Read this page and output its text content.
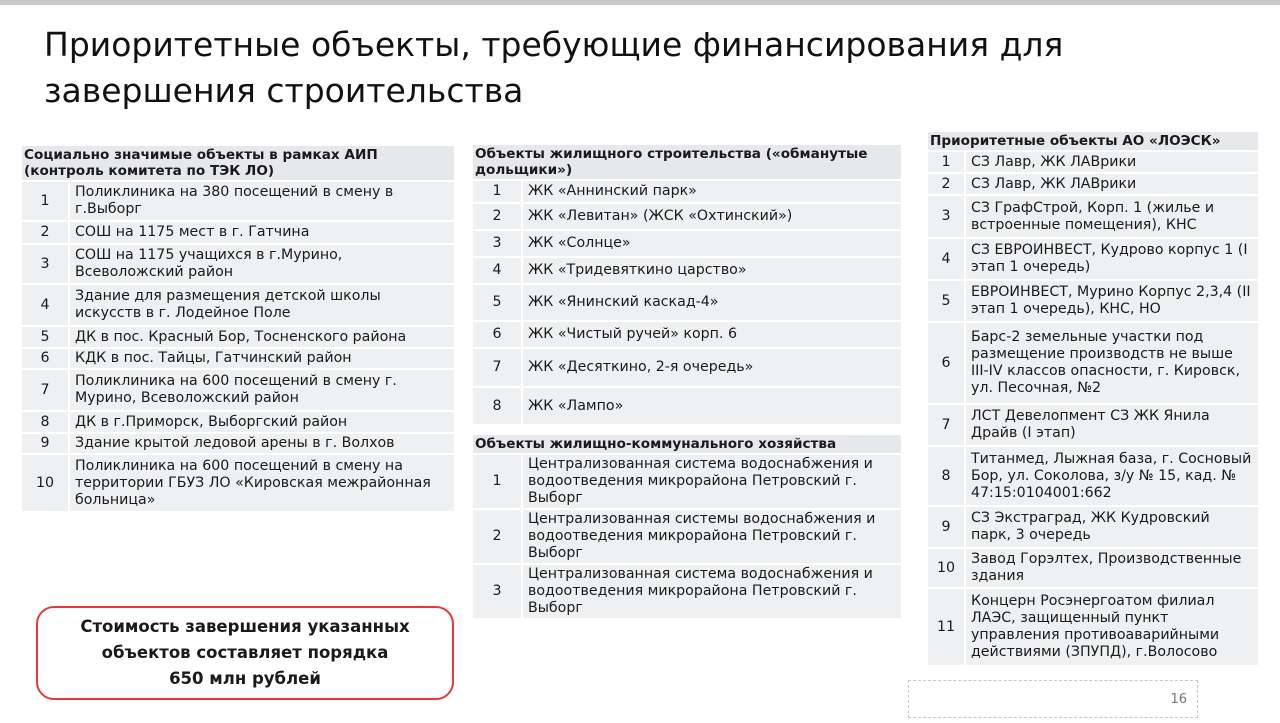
Приоритетные объекты, требующие финансирования для завершения строительства
Социально значимые объекты в рамках АИП (контроль комитета по ТЭК ЛО)	
1	Поликлиника на 380 посещений в смену в г.Выборг
2	СОШ на 1175 мест в г. Гатчина
3	СОШ на 1175 учащихся в г.Мурино, Всеволожский район
4	Здание для размещения детской школы искусств в г. Лодейное Поле
5	ДК в пос. Красный Бор, Тосненского района
6	КДК в пос. Тайцы, Гатчинский район
7	Поликлиника на 600 посещений в смену г. Мурино, Всеволожский район
8	ДК в г.Приморск, Выборгский район
9	Здание крытой ледовой арены в г. Волхов
10	Поликлиника на 600 посещений в смену на территории ГБУЗ ЛО «Кировская межрайонная больница»
Объекты жилищного строительства («обманутые дольщики»)	
1	ЖК «Аннинский парк»
2	ЖК «Левитан» (ЖСК «Охтинский»)
3	ЖК «Солнце»
4	ЖК «Тридевяткино царство»
5	ЖК «Янинский каскад-4»
6	ЖК «Чистый ручей» корп. 6
7	ЖК «Десяткино, 2-я очередь»
8	ЖК «Лампо»
Объекты жилищно-коммунального хозяйства	
1	Централизованная система водоснабжения и водоотведения микрорайона Петровский г. Выборг
2	Централизованная системы водоснабжения и водоотведения микрорайона Петровский г. Выборг
3	Централизованная система водоснабжения и водоотведения микрорайона Петровский г. Выборг
Приоритетные объекты АО «ЛОЭСК»	
1	СЗ Лавр, ЖК ЛАВрики
2	СЗ Лавр, ЖК ЛАВрики
3	СЗ ГрафСтрой, Корп. 1 (жилье и встроенные помещения), КНС
4	СЗ ЕВРОИНВЕСТ, Кудрово корпус 1 (I этап 1 очередь)
5	ЕВРОИНВЕСТ, Мурино Корпус 2,3,4 (II этап 1 очередь), КНС, НО
6	Барс-2 земельные участки под размещение производств не выше III-IV классов опасности, г. Кировск, ул. Песочная, №2
7	ЛСТ Девелопмент СЗ ЖК Янила Драйв (I этап)
8	Титанмед, Лыжная база, г. Сосновый Бор, ул. Соколова, з/у № 15, кад. № 47:15:0104001:662
9	СЗ Экстраград, ЖК Кудровский парк, 3 очередь
10	Завод Горэлтех, Производственные здания
11	Концерн Росэнергоатом филиал ЛАЭС, защищенный пункт управления противоаварийными действиями (ЗПУПД), г.Волосово
Стоимость завершения указанных
объектов составляет порядка
650 млн рублей
16
